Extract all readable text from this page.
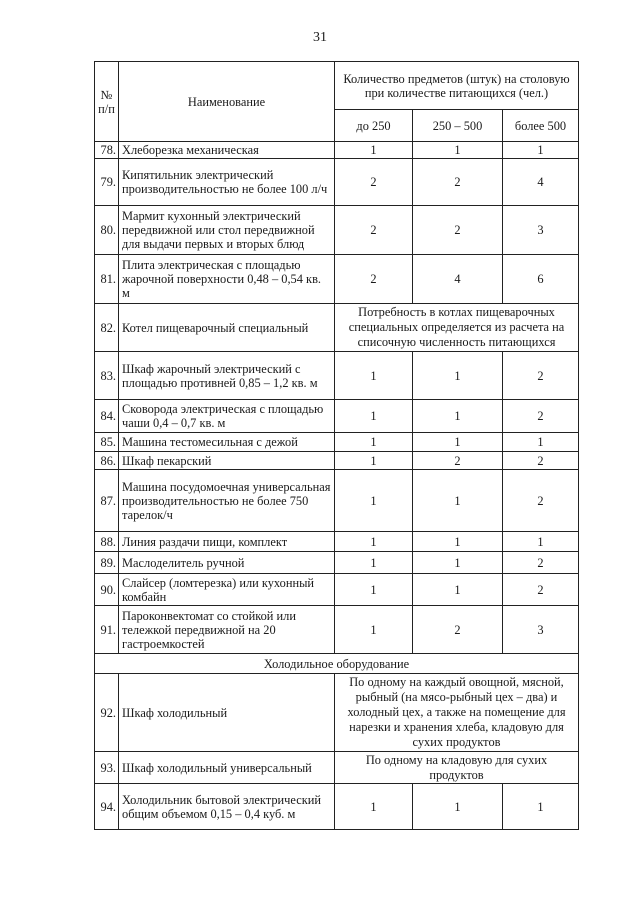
31
№ п/п	Наименование	Количество предметов (штук) на столовую при количестве питающихся (чел.)		
		до 250	250 – 500	более 500
78.	Хлеборезка механическая	1	1	1
79.	Кипятильник электрический производительностью не более 100 л/ч	2	2	4
80.	Мармит кухонный электрический передвижной или стол передвижной для выдачи первых и вторых блюд	2	2	3
81.	Плита электрическая с площадью жарочной поверхности 0,48 – 0,54 кв. м	2	4	6
82.	Котел пищеварочный специальный	Потребность в котлах пищеварочных специальных определяется из расчета на списочную численность питающихся		
83.	Шкаф жарочный электрический с площадью противней 0,85 – 1,2 кв. м	1	1	2
84.	Сковорода электрическая с площадью чаши 0,4 – 0,7 кв. м	1	1	2
85.	Машина тестомесильная с дежой	1	1	1
86.	Шкаф пекарский	1	2	2
87.	Машина посудомоечная универсальная производительностью не более 750 тарелок/ч	1	1	2
88.	Линия раздачи пищи, комплект	1	1	1
89.	Маслоделитель ручной	1	1	2
90.	Слайсер (ломтерезка) или кухонный комбайн	1	1	2
91.	Пароконвектомат со стойкой или тележкой передвижной на 20 гастроемкостей	1	2	3
Холодильное оборудование				
92.	Шкаф холодильный	По одному на каждый овощной, мясной, рыбный (на мясо-рыбный цех – два) и холодный цех, а также на помещение для нарезки и хранения хлеба, кладовую для сухих продуктов		
93.	Шкаф холодильный универсальный	По одному на кладовую для сухих продуктов		
94.	Холодильник бытовой электрический общим объемом 0,15 – 0,4 куб. м	1	1	1
